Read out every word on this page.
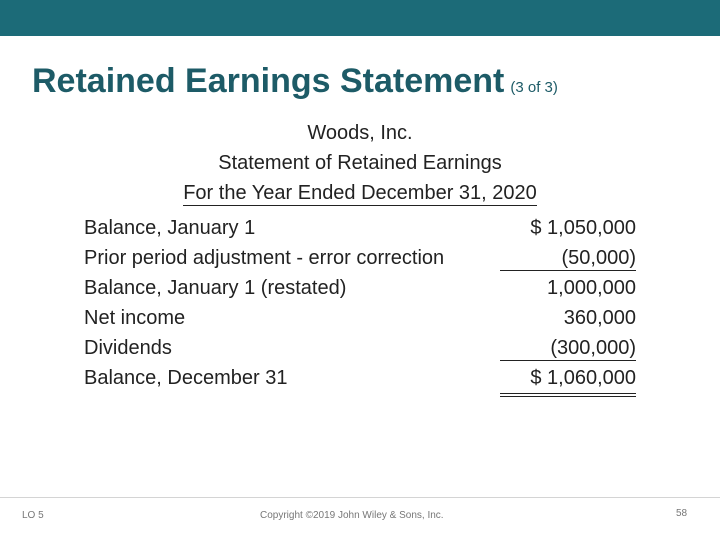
Retained Earnings Statement (3 of 3)
Woods, Inc.
Statement of Retained Earnings
For the Year Ended December 31, 2020
Balance, January 1	$ 1,050,000
Prior period adjustment - error correction	(50,000)
Balance, January 1 (restated)	1,000,000
Net income	360,000
Dividends	(300,000)
Balance, December 31	$ 1,060,000
LO 5	Copyright ©2019 John Wiley & Sons, Inc.	58
